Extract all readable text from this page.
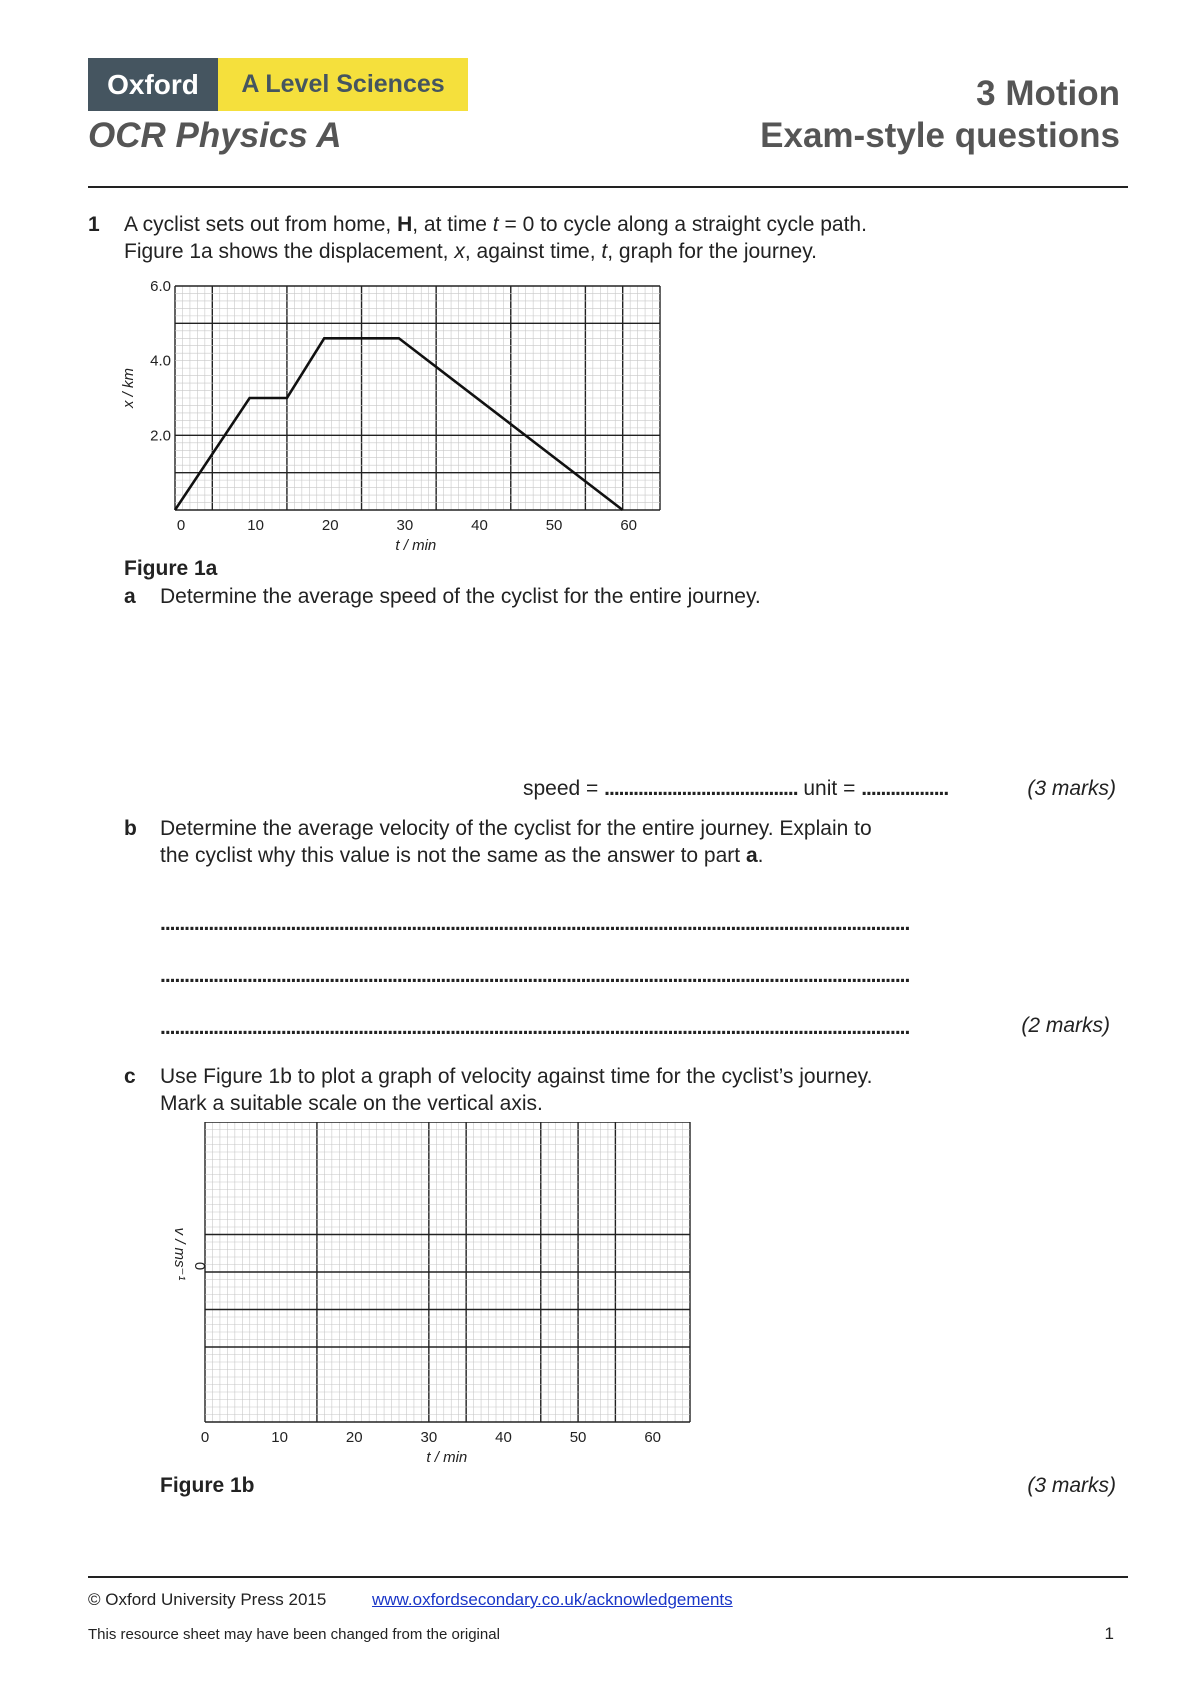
Oxford	A Level Sciences
OCR Physics A
3 Motion
Exam-style questions
1 A cyclist sets out from home, H, at time t = 0 to cycle along a straight cycle path.
Figure 1a shows the displacement, x, against time, t, graph for the journey.
0	10	20	30	40	50	60
2.0
4.0
6.0
x / km
t / min
Figure 1a
a Determine the average speed of the cyclist for the entire journey.
speed = ........................................ unit = ..................	(3 marks)
b Determine the average velocity of the cyclist for the entire journey. Explain to
the cyclist why this value is not the same as the answer to part a.
...........................................................................................................................................................
...........................................................................................................................................................
...........................................................................................................................................................	(2 marks)
c Use Figure 1b to plot a graph of velocity against time for the cyclist’s journey.
Mark a suitable scale on the vertical axis.
0	10	20	30	40	50	60
0
v / ms⁻¹
t / min
Figure 1b	(3 marks)
© Oxford University Press 2015	www.oxfordsecondary.co.uk/acknowledgements
This resource sheet may have been changed from the original	1
